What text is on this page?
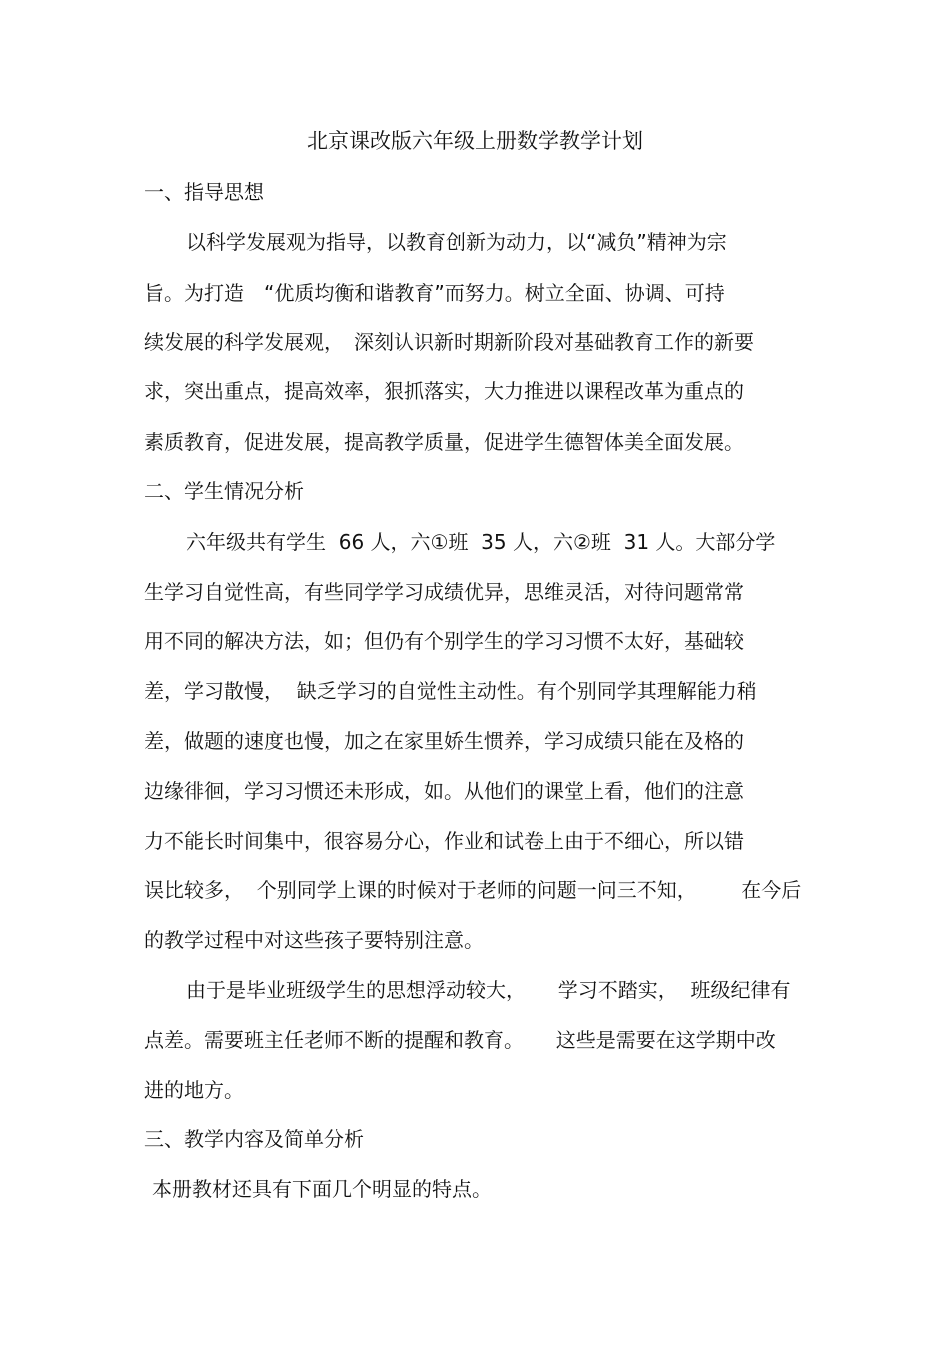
北京课改版六年级上册数学教学计划
一、指导思想
以科学发展观为指导，以教育创新为动力，以“减负”精神为宗
旨。为打造　“优质均衡和谐教育”而努力。树立全面、协调、可持
续发展的科学发展观，　深刻认识新时期新阶段对基础教育工作的新要
求，突出重点，提高效率，狠抓落实，大力推进以课程改革为重点的
素质教育，促进发展，提高教学质量，促进学生德智体美全面发展。
二、学生情况分析
六年级共有学生  66 人，六①班  35 人，六②班  31 人。大部分学
生学习自觉性高，有些同学学习成绩优异，思维灵活，对待问题常常
用不同的解决方法，如；但仍有个别学生的学习习惯不太好，基础较
差，学习散慢，  缺乏学习的自觉性主动性。有个别同学其理解能力稍
差，做题的速度也慢，加之在家里娇生惯养，学习成绩只能在及格的
边缘徘徊，学习习惯还未形成，如。从他们的课堂上看，他们的注意
力不能长时间集中，很容易分心，作业和试卷上由于不细心，所以错
误比较多，  个别同学上课的时候对于老师的问题一问三不知，       在今后
的教学过程中对这些孩子要特别注意。
由于是毕业班级学生的思想浮动较大，     学习不踏实，  班级纪律有
点差。需要班主任老师不断的提醒和教育。     这些是需要在这学期中改
进的地方。
三、教学内容及简单分析
本册教材还具有下面几个明显的特点。
